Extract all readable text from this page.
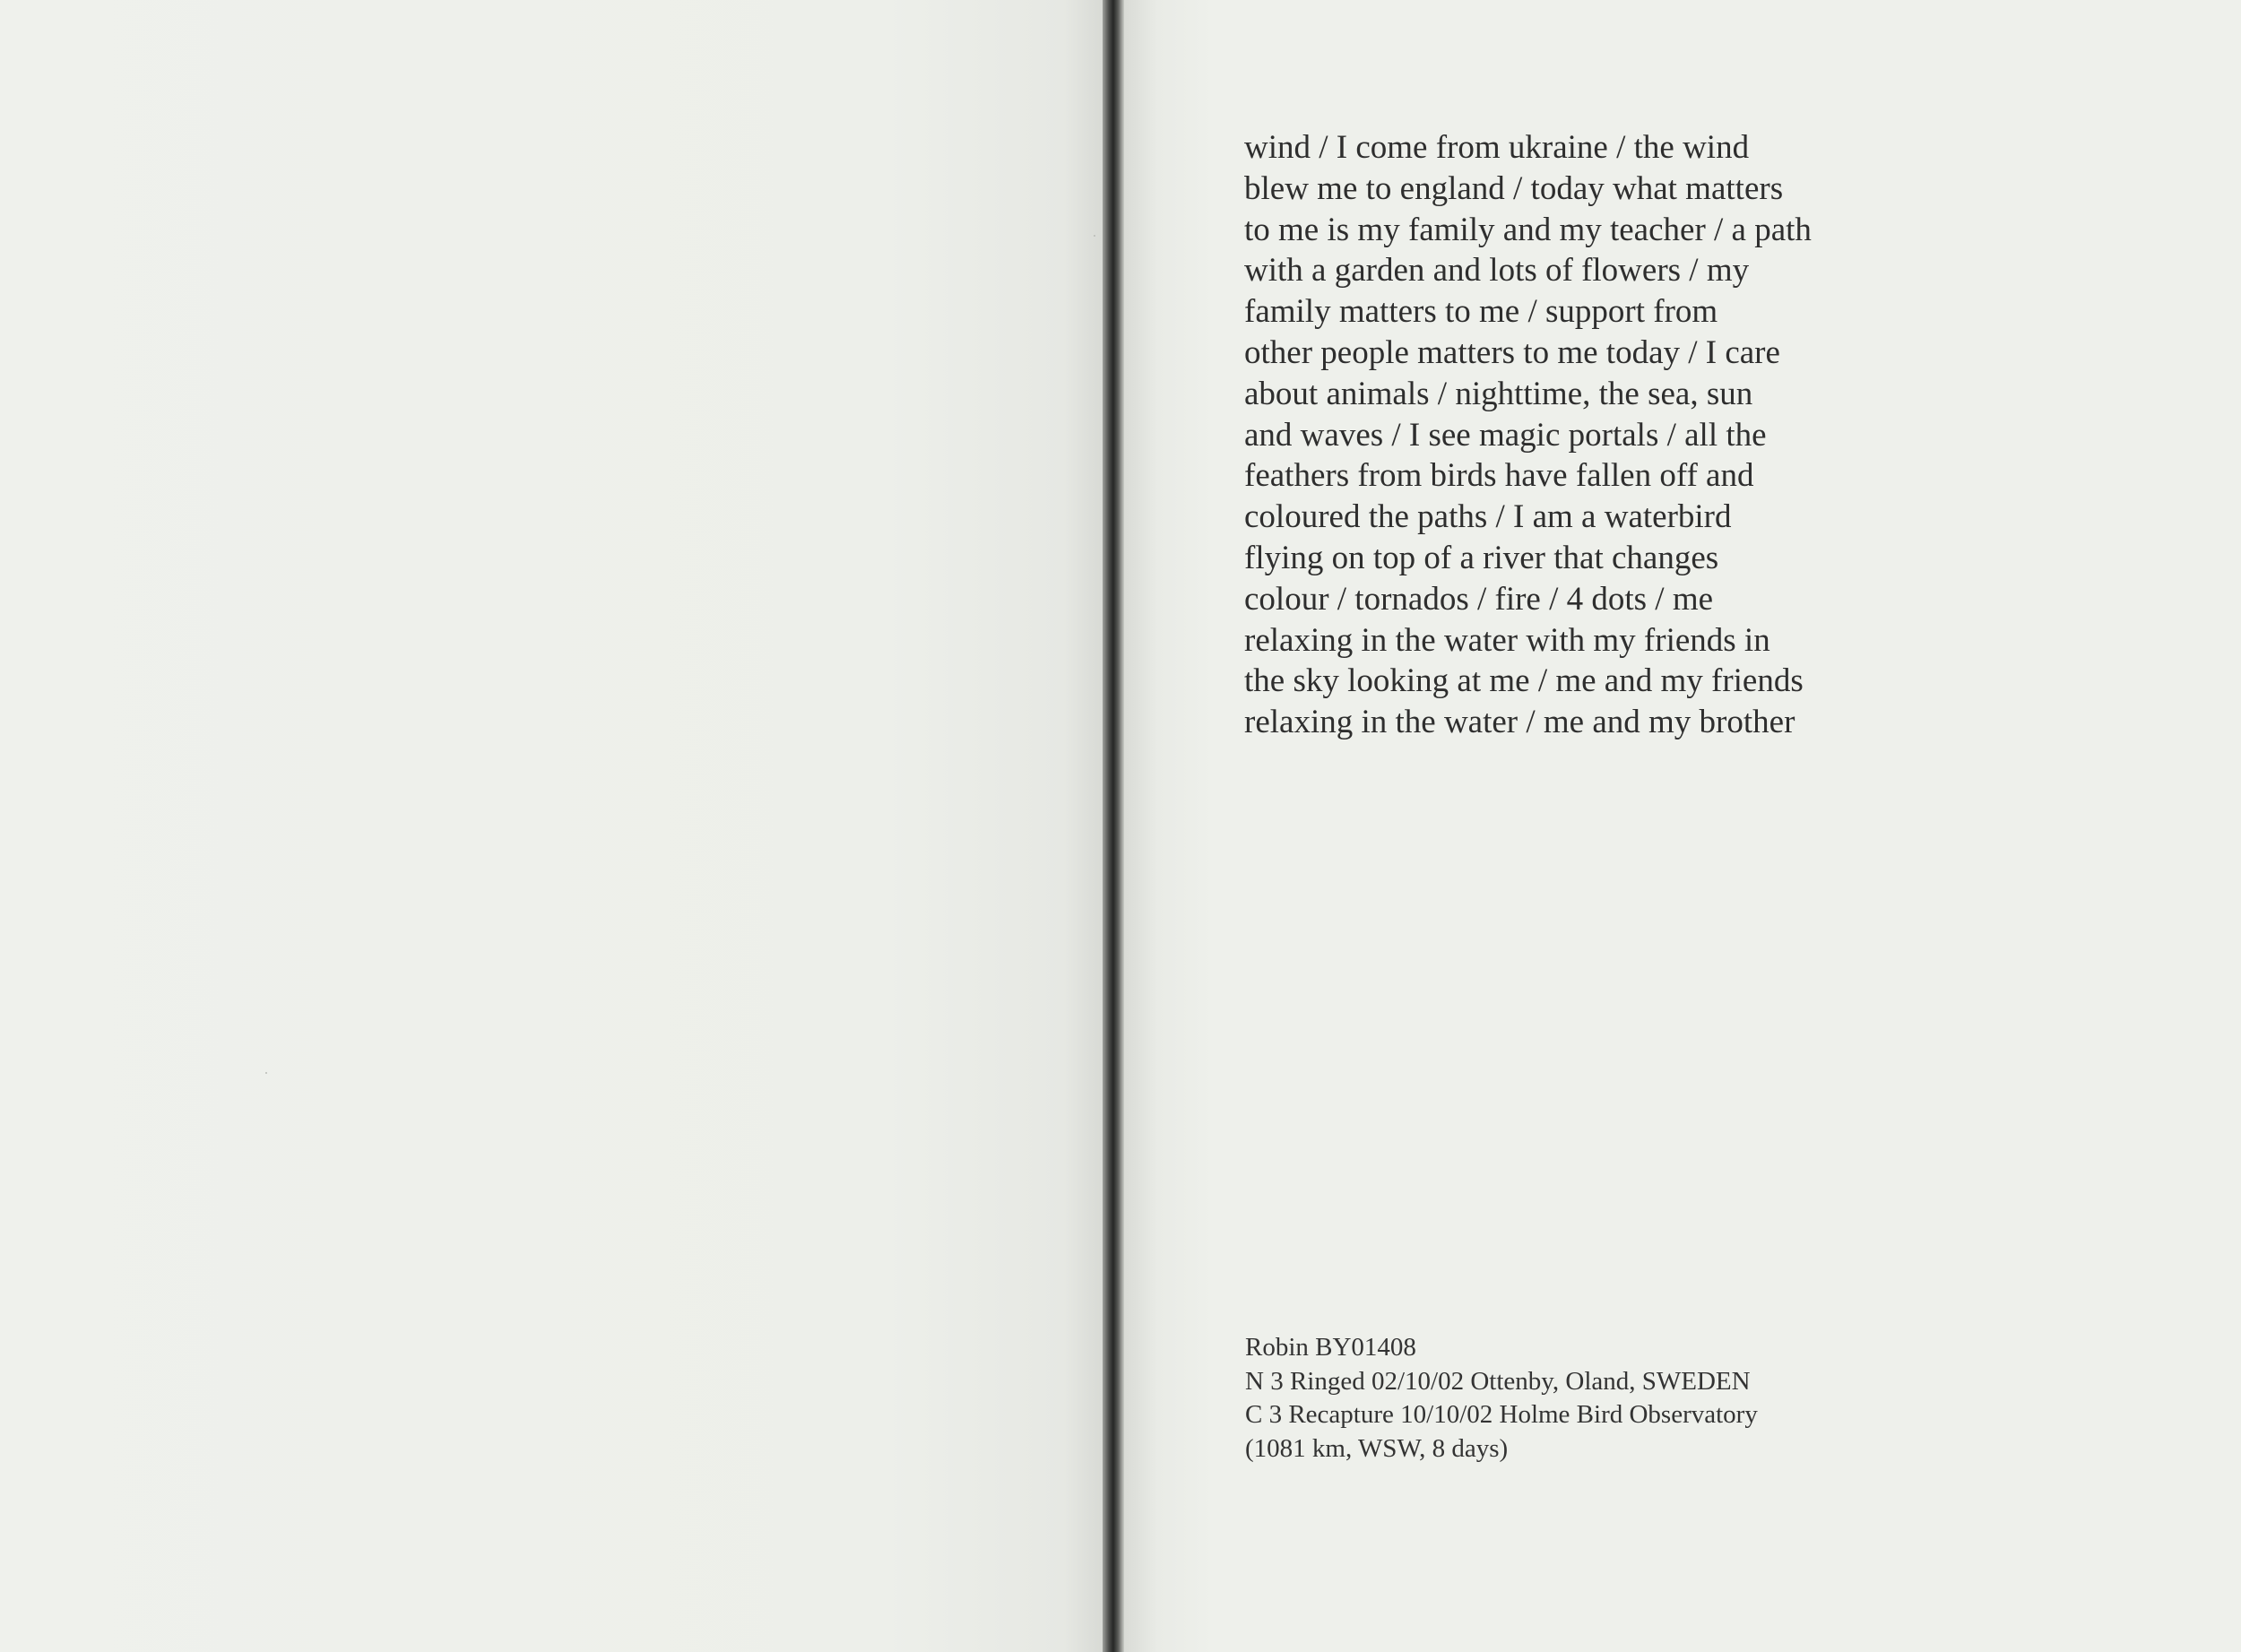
wind / I come from ukraine / the wind
blew me to england / today what matters
to me is my family and my teacher / a path
with a garden and lots of flowers / my
family matters to me / support from
other people matters to me today / I care
about animals / nighttime, the sea, sun
and waves / I see magic portals / all the
feathers from birds have fallen off and
coloured the paths / I am a waterbird
flying on top of a river that changes
colour / tornados / fire / 4 dots / me
relaxing in the water with my friends in
the sky looking at me / me and my friends
relaxing in the water / me and my brother
Robin BY01408
N 3 Ringed 02/10/02 Ottenby, Oland, SWEDEN
C 3 Recapture 10/10/02 Holme Bird Observatory
(1081 km, WSW, 8 days)
